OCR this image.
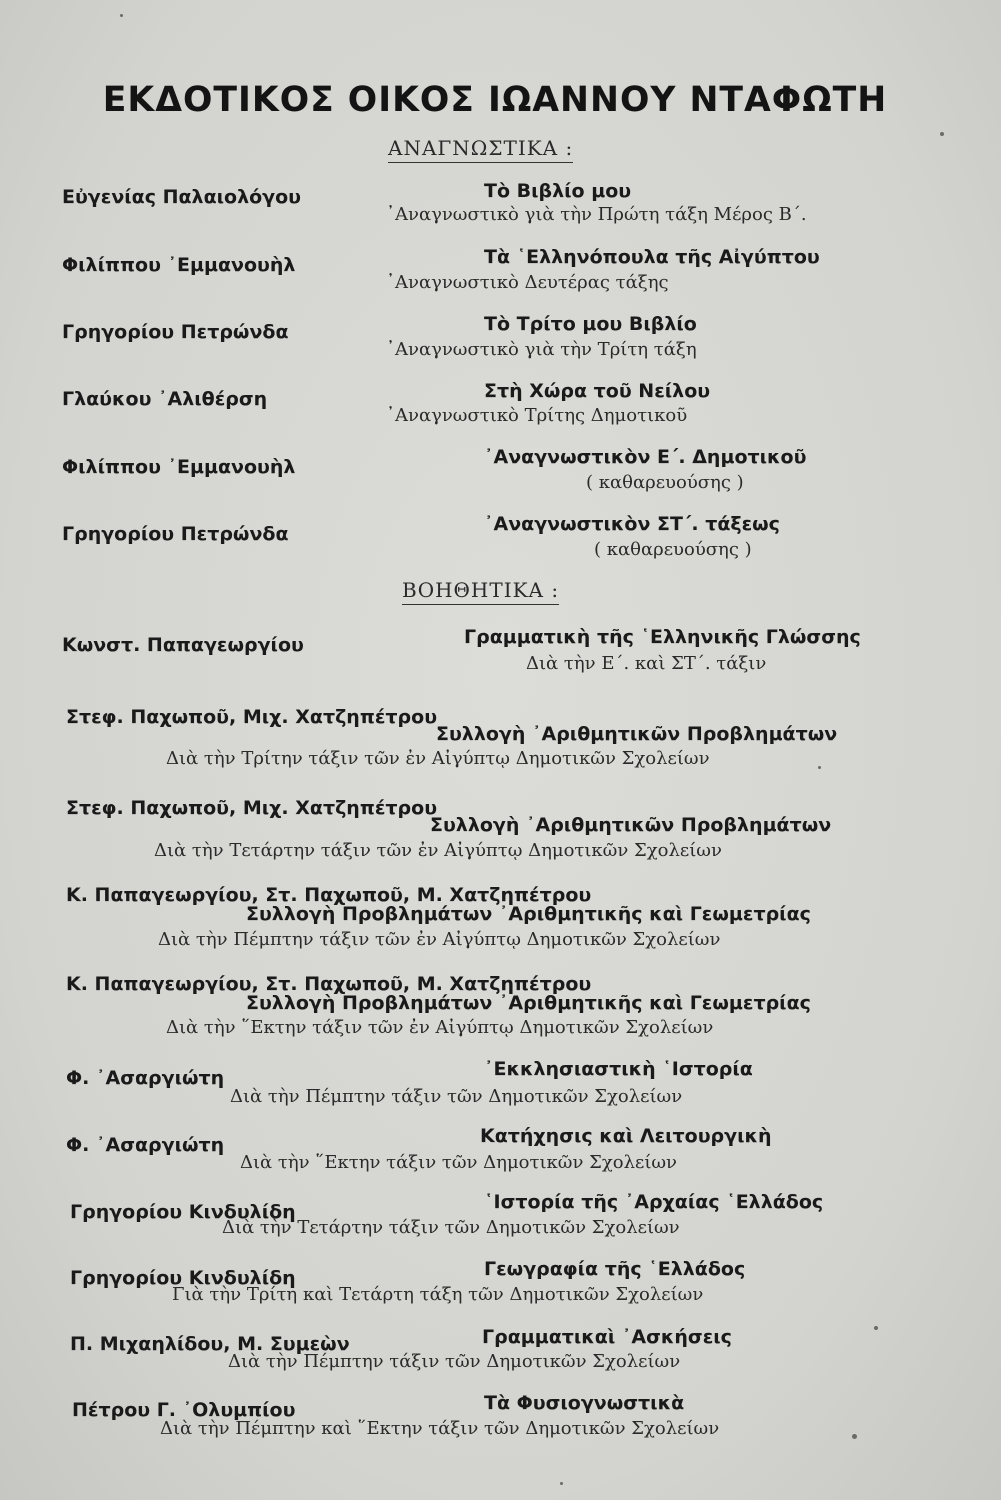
ΕΚΔΟΤΙΚΟΣ ΟΙΚΟΣ ΙΩΑΝΝΟΥ ΝΤΑΦΩΤΗ
ΑΝΑΓΝΩΣΤΙΚΑ :
Εὐγενίας Παλαιολόγου	Τὸ Βιβλίο μου
᾿Αναγνωστικὸ γιὰ τὴν Πρώτη τάξη Μέρος Β΄.
Φιλίππου ᾿Εμμανουὴλ	Τὰ ῾Ελληνόπουλα τῆς Αἰγύπτου
᾿Αναγνωστικὸ Δευτέρας τάξης
Γρηγορίου Πετρώνδα	Τὸ Τρίτο μου Βιβλίο
᾿Αναγνωστικὸ γιὰ τὴν Τρίτη τάξη
Γλαύκου ᾿Αλιθέρση	Στὴ Χώρα τοῦ Νείλου
᾿Αναγνωστικὸ Τρίτης Δημοτικοῦ
Φιλίππου ᾿Εμμανουὴλ	᾿Αναγνωστικὸν Ε΄. Δημοτικοῦ
( καθαρευούσης )
Γρηγορίου Πετρώνδα	᾿Αναγνωστικὸν ΣΤ΄. τάξεως
( καθαρευούσης )
ΒΟΗΘΗΤΙΚΑ :
Κωνστ. Παπαγεωργίου	Γραμματικὴ τῆς ῾Ελληνικῆς Γλώσσης
Διὰ τὴν Ε΄. καὶ ΣΤ΄. τάξιν
Στεφ. Παχωποῦ, Μιχ. Χατζηπέτρου
Συλλογὴ ᾿Αριθμητικῶν Προβλημάτων
Διὰ τὴν Τρίτην τάξιν τῶν ἐν Αἰγύπτῳ Δημοτικῶν Σχολείων
Στεφ. Παχωποῦ, Μιχ. Χατζηπέτρου
Συλλογὴ ᾿Αριθμητικῶν Προβλημάτων
Διὰ τὴν Τετάρτην τάξιν τῶν ἐν Αἰγύπτῳ Δημοτικῶν Σχολείων
Κ. Παπαγεωργίου, Στ. Παχωποῦ, Μ. Χατζηπέτρου
Συλλογὴ Προβλημάτων ᾿Αριθμητικῆς καὶ Γεωμετρίας
Διὰ τὴν Πέμπτην τάξιν τῶν ἐν Αἰγύπτῳ Δημοτικῶν Σχολείων
Κ. Παπαγεωργίου, Στ. Παχωποῦ, Μ. Χατζηπέτρου
Συλλογὴ Προβλημάτων ᾿Αριθμητικῆς καὶ Γεωμετρίας
Διὰ τὴν ῞Εκτην τάξιν τῶν ἐν Αἰγύπτῳ Δημοτικῶν Σχολείων
Φ. ᾿Ασαργιώτη	᾿Εκκλησιαστικὴ ῾Ιστορία
Διὰ τὴν Πέμπτην τάξιν τῶν Δημοτικῶν Σχολείων
Φ. ᾿Ασαργιώτη	Κατήχησις καὶ Λειτουργικὴ
Διὰ τὴν ῞Εκτην τάξιν τῶν Δημοτικῶν Σχολείων
Γρηγορίου Κινδυλίδη	῾Ιστορία τῆς ᾿Αρχαίας ῾Ελλάδος
Διὰ τὴν Τετάρτην τάξιν τῶν Δημοτικῶν Σχολείων
Γρηγορίου Κινδυλίδη	Γεωγραφία τῆς ῾Ελλάδος
Γιὰ τὴν Τρίτη καὶ Τετάρτη τάξη τῶν Δημοτικῶν Σχολείων
Π. Μιχαηλίδου, Μ. Συμεὼν	Γραμματικαὶ ᾿Ασκήσεις
Διὰ τὴν Πέμπτην τάξιν τῶν Δημοτικῶν Σχολείων
Πέτρου Γ. ᾿Ολυμπίου	Τὰ Φυσιογνωστικὰ
Διὰ τὴν Πέμπτην καὶ ῞Εκτην τάξιν τῶν Δημοτικῶν Σχολείων
